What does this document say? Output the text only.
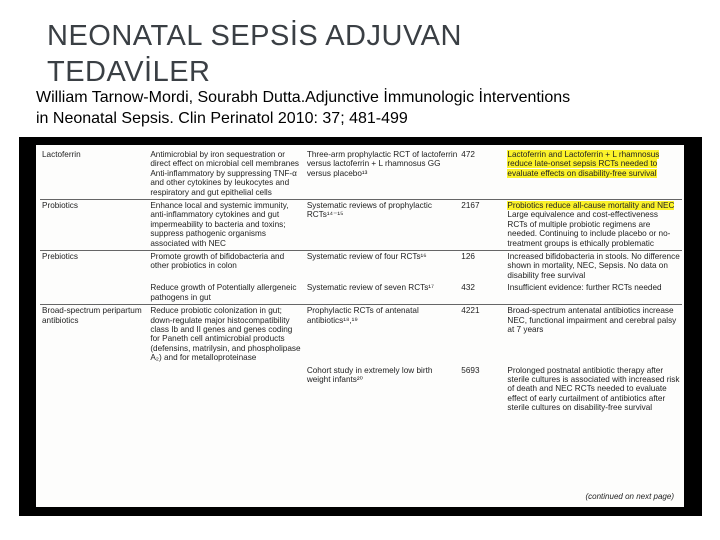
NEONATAL SEPSİS ADJUVAN TEDAVİLER
William Tarnow-Mordi, Sourabh Dutta.Adjunctive İmmunologic İnterventions
in Neonatal Sepsis. Clin Perinatol 2010: 37; 481-499
Lactoferrin	Antimicrobial by iron sequestration or direct effect on microbial cell membranes Anti-inflammatory by suppressing TNF-α and other cytokines by leukocytes and respiratory and gut epithelial cells	Three-arm prophylactic RCT of lactoferrin versus lactoferrin + L rhamnosus GG versus placebo¹³	472	Lactoferrin and Lactoferrin + L rhamnosus reduce late-onset sepsis RCTs needed to evaluate effects on disability-free survival
Probiotics	Enhance local and systemic immunity, anti-inflammatory cytokines and gut impermeability to bacteria and toxins; suppress pathogenic organisms associated with NEC	Systematic reviews of prophylactic RCTs¹⁴⁻¹⁵	2167	Probiotics reduce all-cause mortality and NEC Large equivalence and cost-effectiveness RCTs of multiple probiotic regimens are needed. Continuing to include placebo or no-treatment groups is ethically problematic
Prebiotics	Promote growth of bifidobacteria and other probiotics in colon	Systematic review of four RCTs¹⁶	126	Increased bifidobacteria in stools. No difference shown in mortality, NEC, Sepsis. No data on disability free survival
	Reduce growth of Potentially allergeneic pathogens in gut	Systematic review of seven RCTs¹⁷	432	Insufficient evidence: further RCTs needed
Broad-spectrum peripartum antibiotics	Reduce probiotic colonization in gut; down-regulate major histocompatibility class Ib and II genes and genes coding for Paneth cell antimicrobial products (defensins, matrilysin, and phospholipase A₂) and for metalloproteinase	Prophylactic RCTs of antenatal antibiotics¹⁸,¹⁹	4221	Broad-spectrum antenatal antibiotics increase NEC, functional impairment and cerebral palsy at 7 years
		Cohort study in extremely low birth weight infants²⁰	5693	Prolonged postnatal antibiotic therapy after sterile cultures is associated with increased risk of death and NEC RCTs needed to evaluate effect of early curtailment of antibiotics after sterile cultures on disability-free survival
(continued on next page)
